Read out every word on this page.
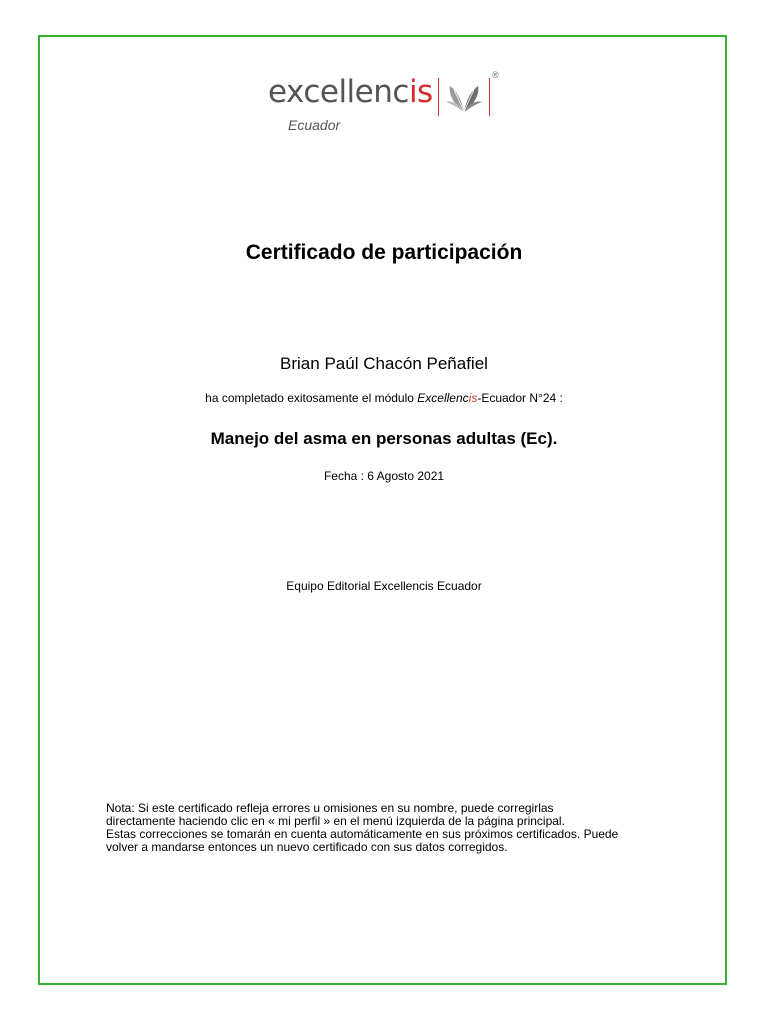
excellencis	®
Ecuador
Certificado de participación
Brian Paúl Chacón Peñafiel
ha completado exitosamente el módulo Excellencis-Ecuador N°24 :
Manejo del asma en personas adultas (Ec).
Fecha : 6 Agosto 2021
Equipo Editorial Excellencis Ecuador
Nota: Si este certificado refleja errores u omisiones en su nombre, puede corregirlas
directamente haciendo clic en « mi perfil » en el menú izquierda de la página principal.
Estas correcciones se tomarán en cuenta automáticamente en sus próximos certificados. Puede
volver a mandarse entonces un nuevo certificado con sus datos corregidos.
